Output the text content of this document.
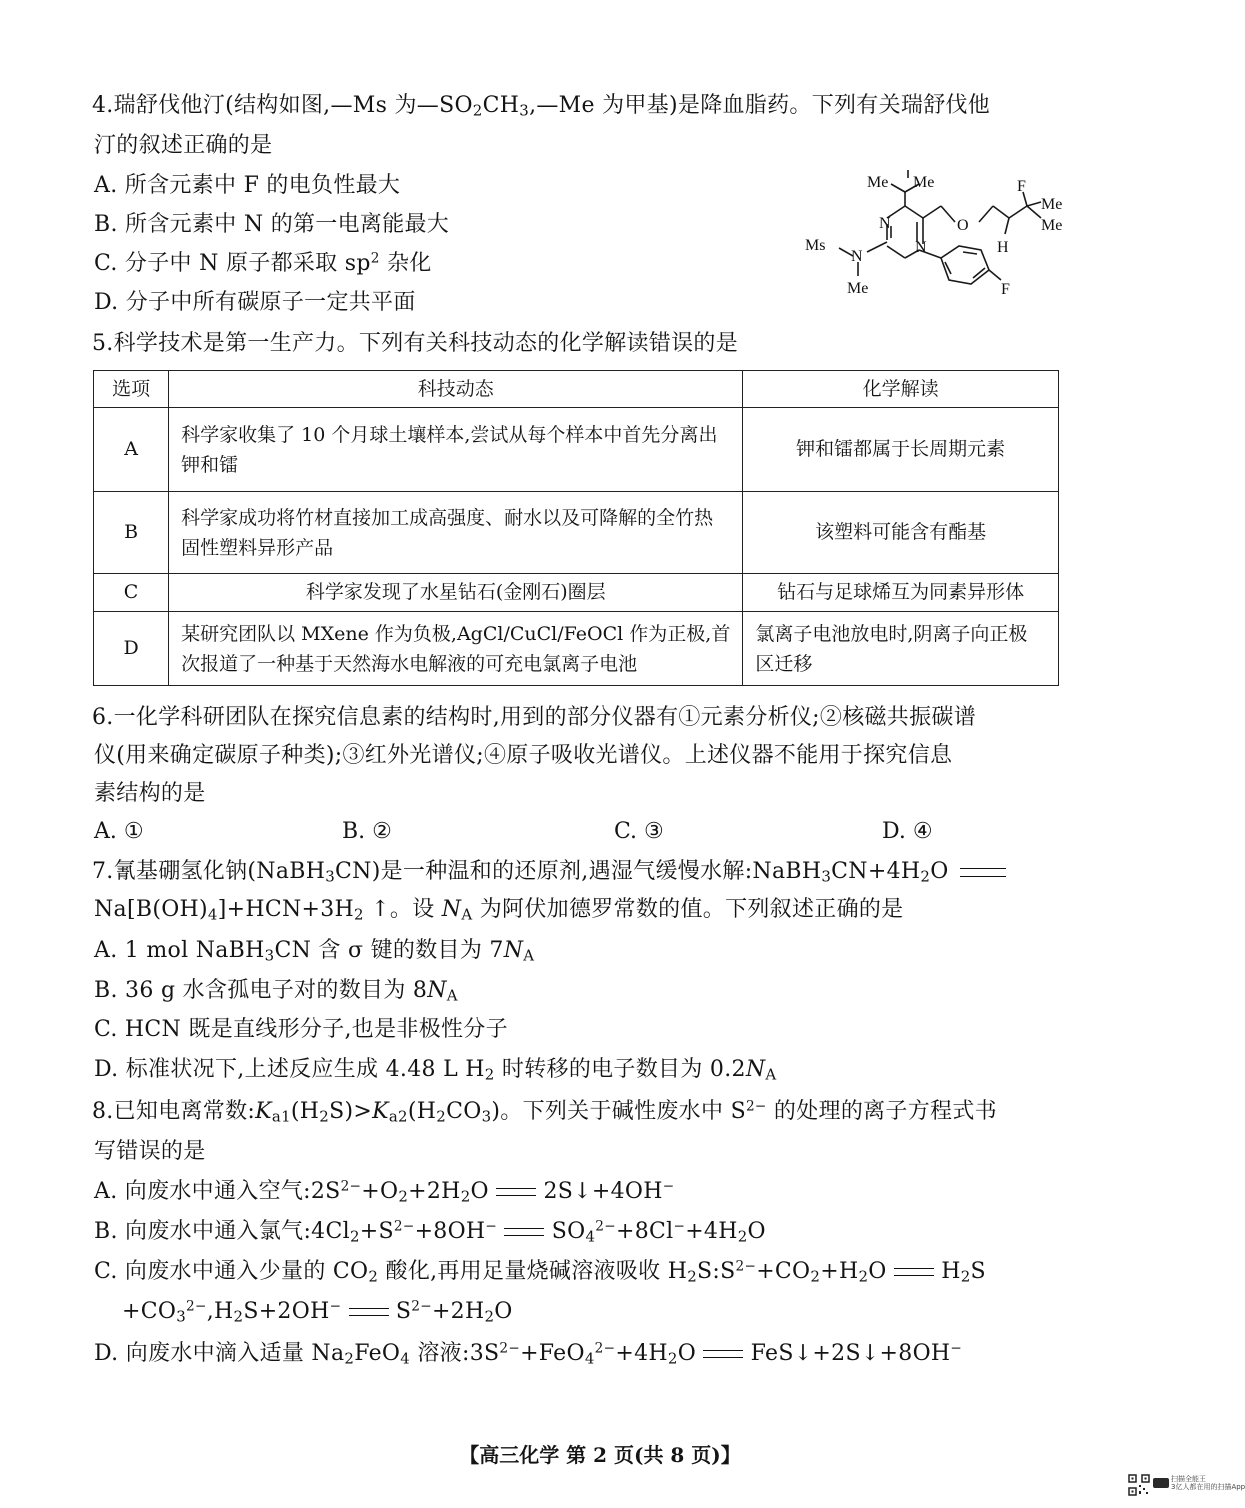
4.瑞舒伐他汀(结构如图,—Ms 为$—SO_2CH_3,—Me$ 为甲基)是降血脂药。下列有关瑞舒伐他
汀的叙述正确的是
A. 所含元素中 F 的电负性最大
B. 所含元素中 N 的第一电离能最大
C. 分子中 N 原子都采取 $sp^2$ 杂化
D. 分子中所有碳原子一定共平面
Me Me	F
Me
Me
H
O
N
N
N
Ms
Me	F
5.科学技术是第一生产力。下列有关科技动态的化学解读错误的是
选项	科技动态	化学解读
A	科学家收集了 10 个月球土壤样本,尝试从每个样本中首先分离出钾和镭	钾和镭都属于长周期元素
B	科学家成功将竹材直接加工成高强度、耐水以及可降解的全竹热固性塑料异形产品	该塑料可能含有酯基
C	科学家发现了水星钻石(金刚石)圈层	钻石与足球烯互为同素异形体
D	某研究团队以 MXene 作为负极,AgCl/CuCl/FeOCl 作为正极,首次报道了一种基于天然海水电解液的可充电氯离子电池	氯离子电池放电时,阴离子向正极区迁移
6.一化学科研团队在探究信息素的结构时,用到的部分仪器有①元素分析仪;②核磁共振碳谱
仪(用来确定碳原子种类);③红外光谱仪;④原子吸收光谱仪。上述仪器不能用于探究信息
素结构的是
A. ①	B. ②	C. ③	D. ④
7.氰基硼氢化钠(NaBH$_3$CN)是一种温和的还原剂,遇湿气缓慢水解$:NaBH_3CN+4H_2O$
$Na[B(OH)_4]+HCN+3H_2$ ↑。设 $N_A$ 为阿伏加德罗常数的值。下列叙述正确的是
A. 1 mol NaBH$_3$CN 含 σ 键的数目为 $7N_A$
B. 36 g 水含孤电子对的数目为 $8N_A$
C. HCN 既是直线形分子,也是非极性分子
D. 标准状况下,上述反应生成 4.48 L $H_2$ 时转移的电子数目为 $0.2N_A$
8.已知电离常数$:K_{a1}(H_2S)>K_{a2}(H_2CO_3)$。下列关于碱性废水中 $S^{2-}$ 的处理的离子方程式书
写错误的是
A. 向废水中通入空气$:2S^{2-}+O_2+2H_2O$ 2S↓+4OH−
B. 向废水中通入氯气$:4Cl_2+S^{2-}+8OH^-$ $SO_4^{2-}+8Cl^-+4H_2O$
C. 向废水中通入少量的 $CO_2$ 酸化,再用足量烧碱溶液吸收 $H_2S:S^{2-}+CO_2+H_2O$ $H_2S$
$+CO_3^{2-},H_2S+2OH^-$ $S^{2-}+2H_2O$
D. 向废水中滴入适量 $Na_2FeO_4$ 溶液$:3S^{2-}+FeO_4^{2-}+4H_2O$ FeS↓+2S↓+8OH−
【高三化学 第 2 页(共 8 页)】
扫描全能王
3亿人都在用的扫描App
